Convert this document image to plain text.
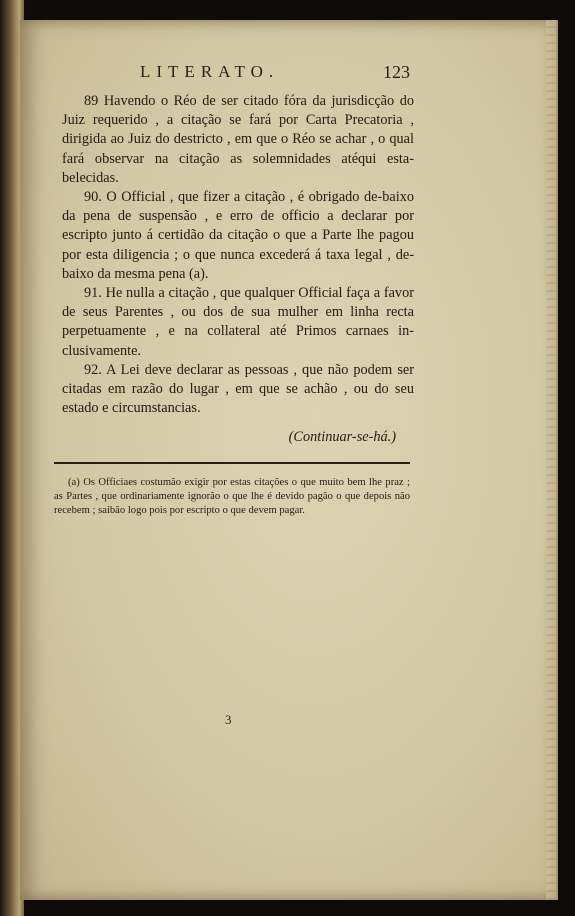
LITERATO.	123

89 Havendo o Réo de ser citado fóra da jurisdicção do Juiz requerido , a citação se fará por Carta Precatoria , dirigida ao Juiz do destricto , em que o Réo se achar , o qual fará observar na citação as solemnidades atéqui esta-belecidas.

90. O Official , que fizer a citação , é obrigado de-baixo da pena de suspensão , e erro de officio a declarar por escripto junto á certidão da citação o que a Parte lhe pagou por esta diligencia ; o que nunca excederá á taxa legal , de-baixo da mesma pena (a).

91. He nulla a citação , que qualquer Official faça a favor de seus Parentes , ou dos de sua mulher em linha recta perpetuamente , e na collateral até Primos carnaes in-clusivamente.

92. A Lei deve declarar as pessoas , que não podem ser citadas em razão do lugar , em que se achão , ou do seu estado e circumstancias.

(Continuar-se-há.)

(a) Os Officiaes costumão exigir por estas citações o que muito bem lhe praz ; as Partes , que ordinariamente ignorão o que lhe é devido pagão o que depois não recebem ; saibão logo pois por escripto o que devem pagar.

3
